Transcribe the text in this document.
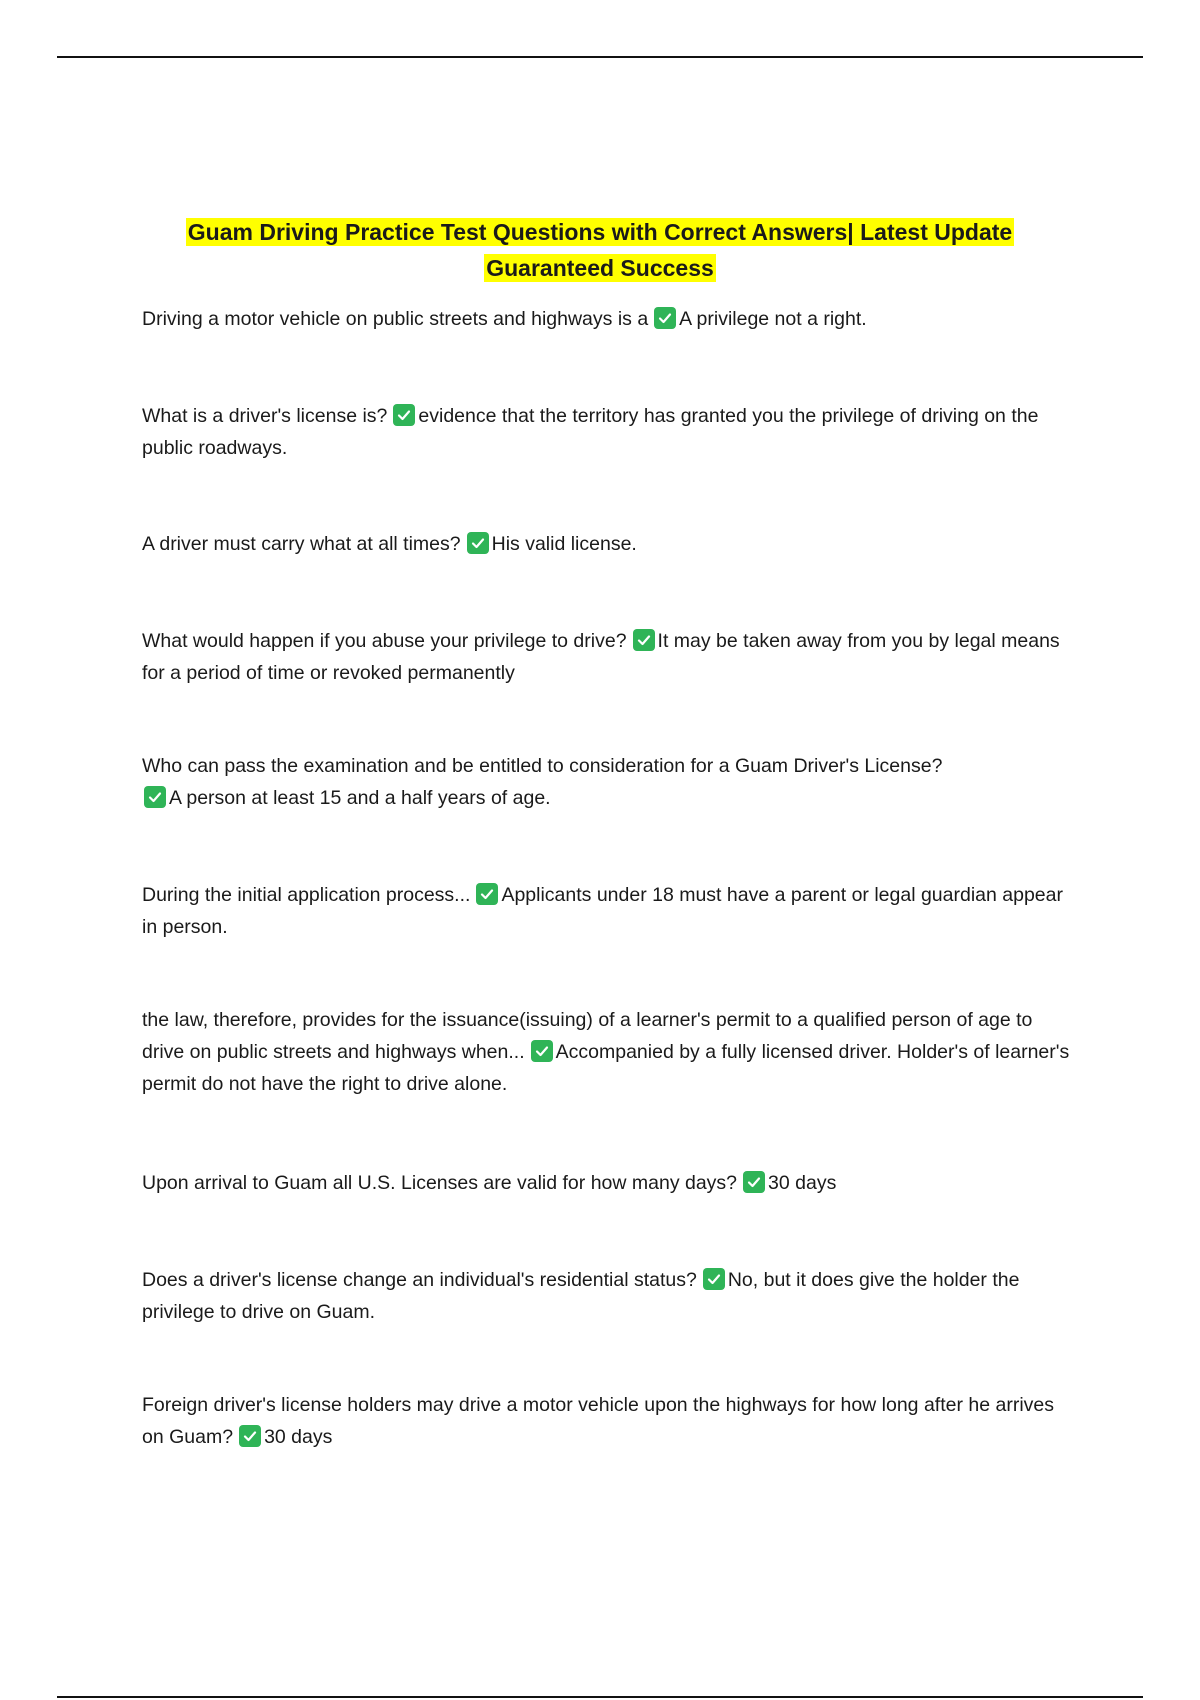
Guam Driving Practice Test Questions with Correct Answers| Latest Update
Guaranteed Success
Driving a motor vehicle on public streets and highways is a A privilege not a right.
What is a driver's license is? evidence that the territory has granted you the privilege of driving on the public roadways.
A driver must carry what at all times? His valid license.
What would happen if you abuse your privilege to drive? It may be taken away from you by legal means for a period of time or revoked permanently
Who can pass the examination and be entitled to consideration for a Guam Driver's License?

A person at least 15 and a half years of age.
During the initial application process... Applicants under 18 must have a parent or legal guardian appear in person.
the law, therefore, provides for the issuance(issuing) of a learner's permit to a qualified person of age to drive on public streets and highways when... Accompanied by a fully licensed driver. Holder's of learner's permit do not have the right to drive alone.
Upon arrival to Guam all U.S. Licenses are valid for how many days? 30 days
Does a driver's license change an individual's residential status? No, but it does give the holder the privilege to drive on Guam.
Foreign driver's license holders may drive a motor vehicle upon the highways for how long after he arrives on Guam? 30 days
